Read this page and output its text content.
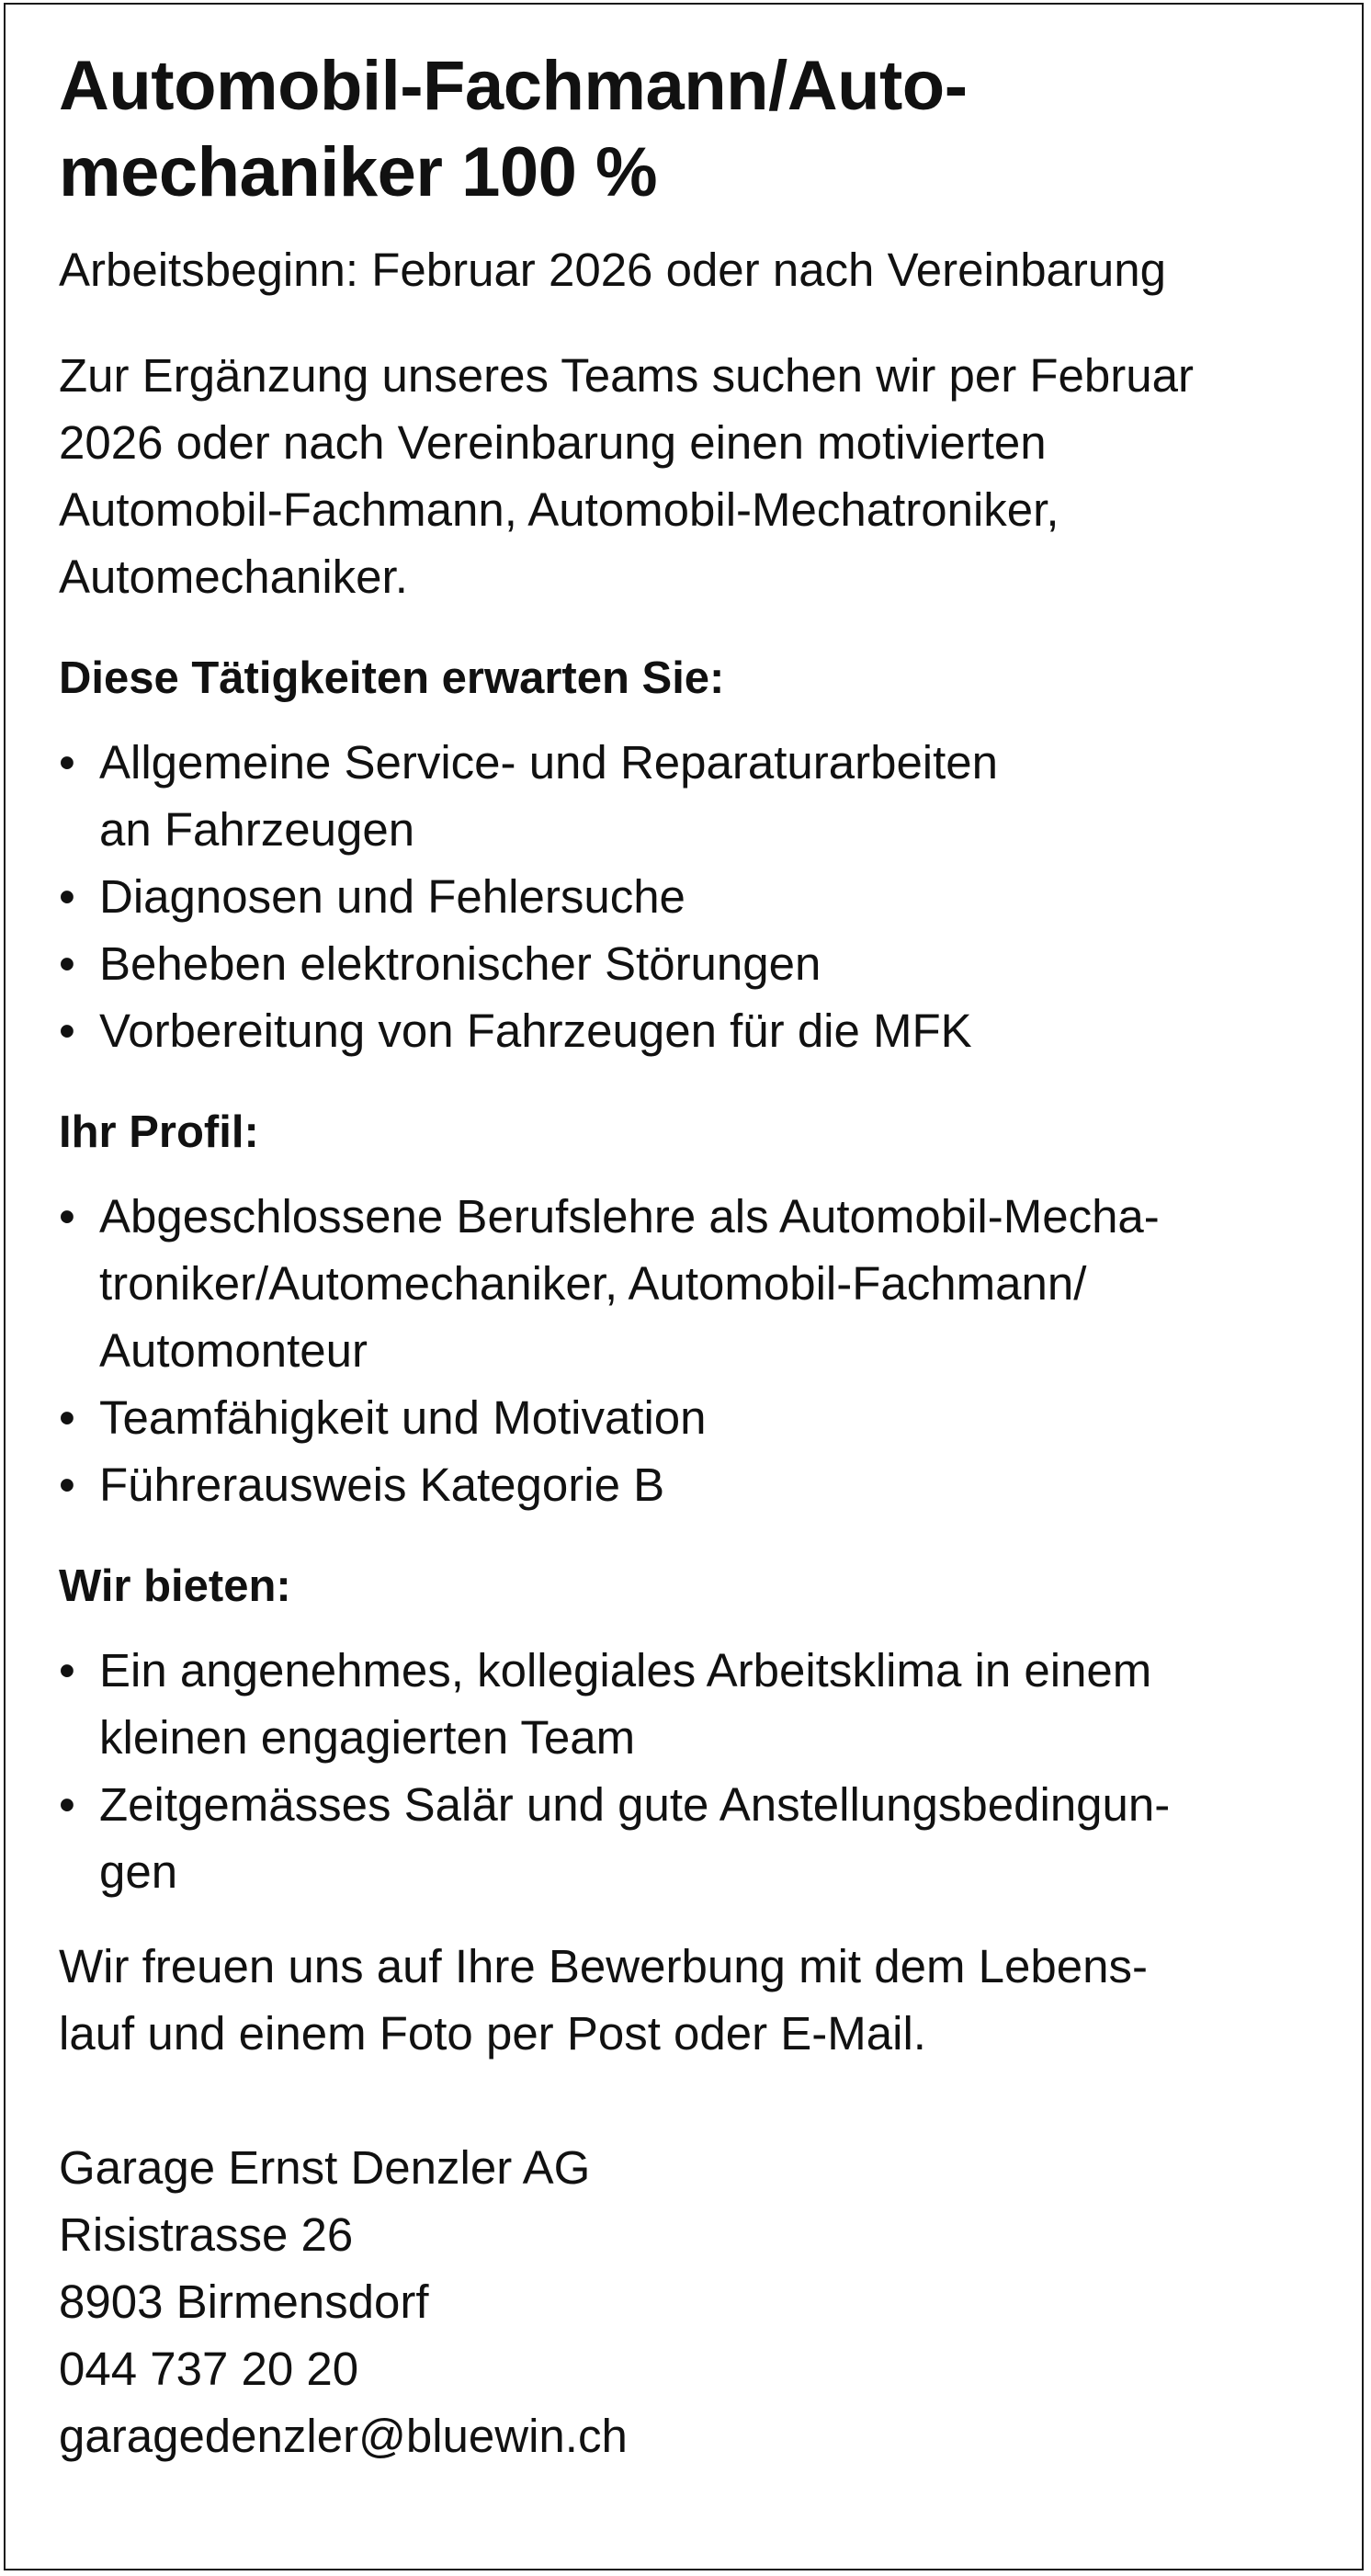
Automobil-Fachmann/Auto-
mechaniker 100 %

Arbeitsbeginn: Februar 2026 oder nach Vereinbarung

Zur Ergänzung unseres Teams suchen wir per Februar
2026 oder nach Vereinbarung einen motivierten
Automobil-Fachmann, Automobil-Mechatroniker,
Automechaniker.

Diese Tätigkeiten erwarten Sie:
• Allgemeine Service- und Reparaturarbeiten
an Fahrzeugen
• Diagnosen und Fehlersuche
• Beheben elektronischer Störungen
• Vorbereitung von Fahrzeugen für die MFK
Ihr Profil:
• Abgeschlossene Berufslehre als Automobil-Mecha-
troniker/Automechaniker, Automobil-Fachmann/
Automonteur
• Teamfähigkeit und Motivation
• Führerausweis Kategorie B
Wir bieten:
• Ein angenehmes, kollegiales Arbeitsklima in einem
kleinen engagierten Team
• Zeitgemässes Salär und gute Anstellungsbedingun-
gen

Wir freuen uns auf Ihre Bewerbung mit dem Lebens-
lauf und einem Foto per Post oder E-Mail.

Garage Ernst Denzler AG
Risistrasse 26
8903 Birmensdorf
044 737 20 20
garagedenzler@bluewin.ch
